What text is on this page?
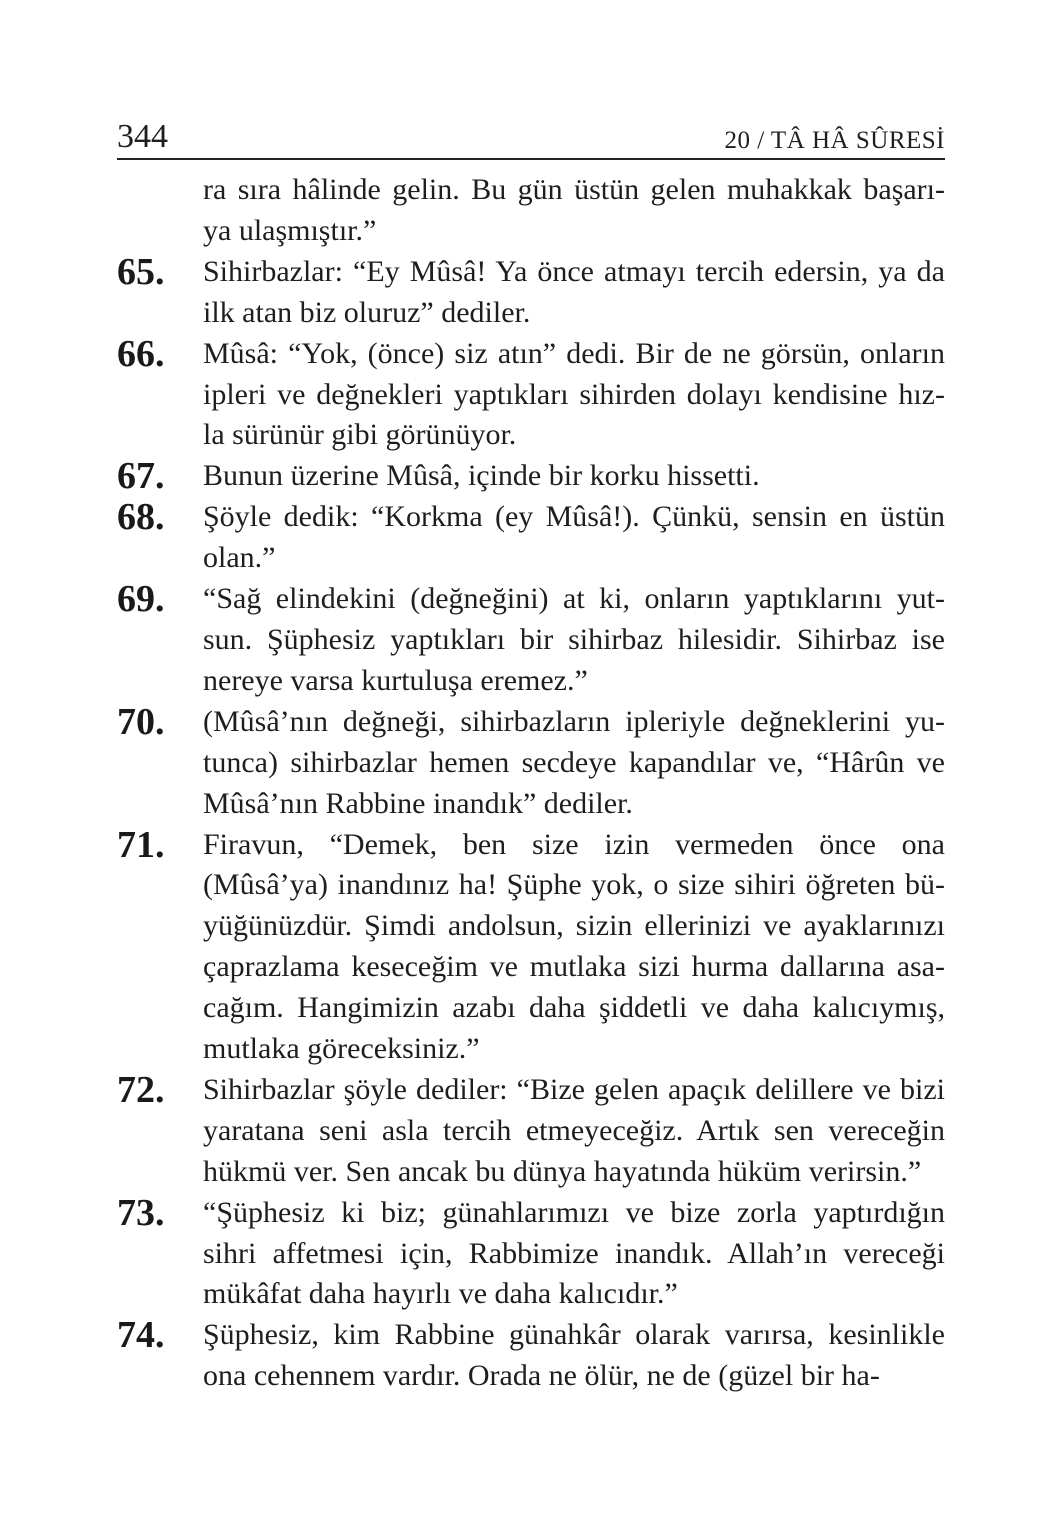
344	20 / TÂ HÂ SÛRESİ
ra sıra hâlinde gelin. Bu gün üstün gelen muhakkak başarı-
ya ulaşmıştır.”
65.	Sihirbazlar: “Ey Mûsâ! Ya önce atmayı tercih edersin, ya da
ilk atan biz oluruz” dediler.
66.	Mûsâ: “Yok, (önce) siz atın” dedi. Bir de ne görsün, onların
ipleri ve değnekleri yaptıkları sihirden dolayı kendisine hız-
la sürünür gibi görünüyor.
67.	Bunun üzerine Mûsâ, içinde bir korku hissetti.
68.	Şöyle dedik: “Korkma (ey Mûsâ!). Çünkü, sensin en üstün
olan.”
69.	“Sağ elindekini (değneğini) at ki, onların yaptıklarını yut-
sun. Şüphesiz yaptıkları bir sihirbaz hilesidir. Sihirbaz ise
nereye varsa kurtuluşa eremez.”
70.	(Mûsâ’nın değneği, sihirbazların ipleriyle değneklerini yu-
tunca) sihirbazlar hemen secdeye kapandılar ve, “Hârûn ve
Mûsâ’nın Rabbine inandık” dediler.
71.	Firavun, “Demek, ben size izin vermeden önce ona
(Mûsâ’ya) inandınız ha! Şüphe yok, o size sihiri öğreten bü-
yüğünüzdür. Şimdi andolsun, sizin ellerinizi ve ayaklarınızı
çaprazlama keseceğim ve mutlaka sizi hurma dallarına asa-
cağım. Hangimizin azabı daha şiddetli ve daha kalıcıymış,
mutlaka göreceksiniz.”
72.	Sihirbazlar şöyle dediler: “Bize gelen apaçık delillere ve bizi
yaratana seni asla tercih etmeyeceğiz. Artık sen vereceğin
hükmü ver. Sen ancak bu dünya hayatında hüküm verirsin.”
73.	“Şüphesiz ki biz; günahlarımızı ve bize zorla yaptırdığın
sihri affetmesi için, Rabbimize inandık. Allah’ın vereceği
mükâfat daha hayırlı ve daha kalıcıdır.”
74.	Şüphesiz, kim Rabbine günahkâr olarak varırsa, kesinlikle
ona cehennem vardır. Orada ne ölür, ne de (güzel bir ha-
